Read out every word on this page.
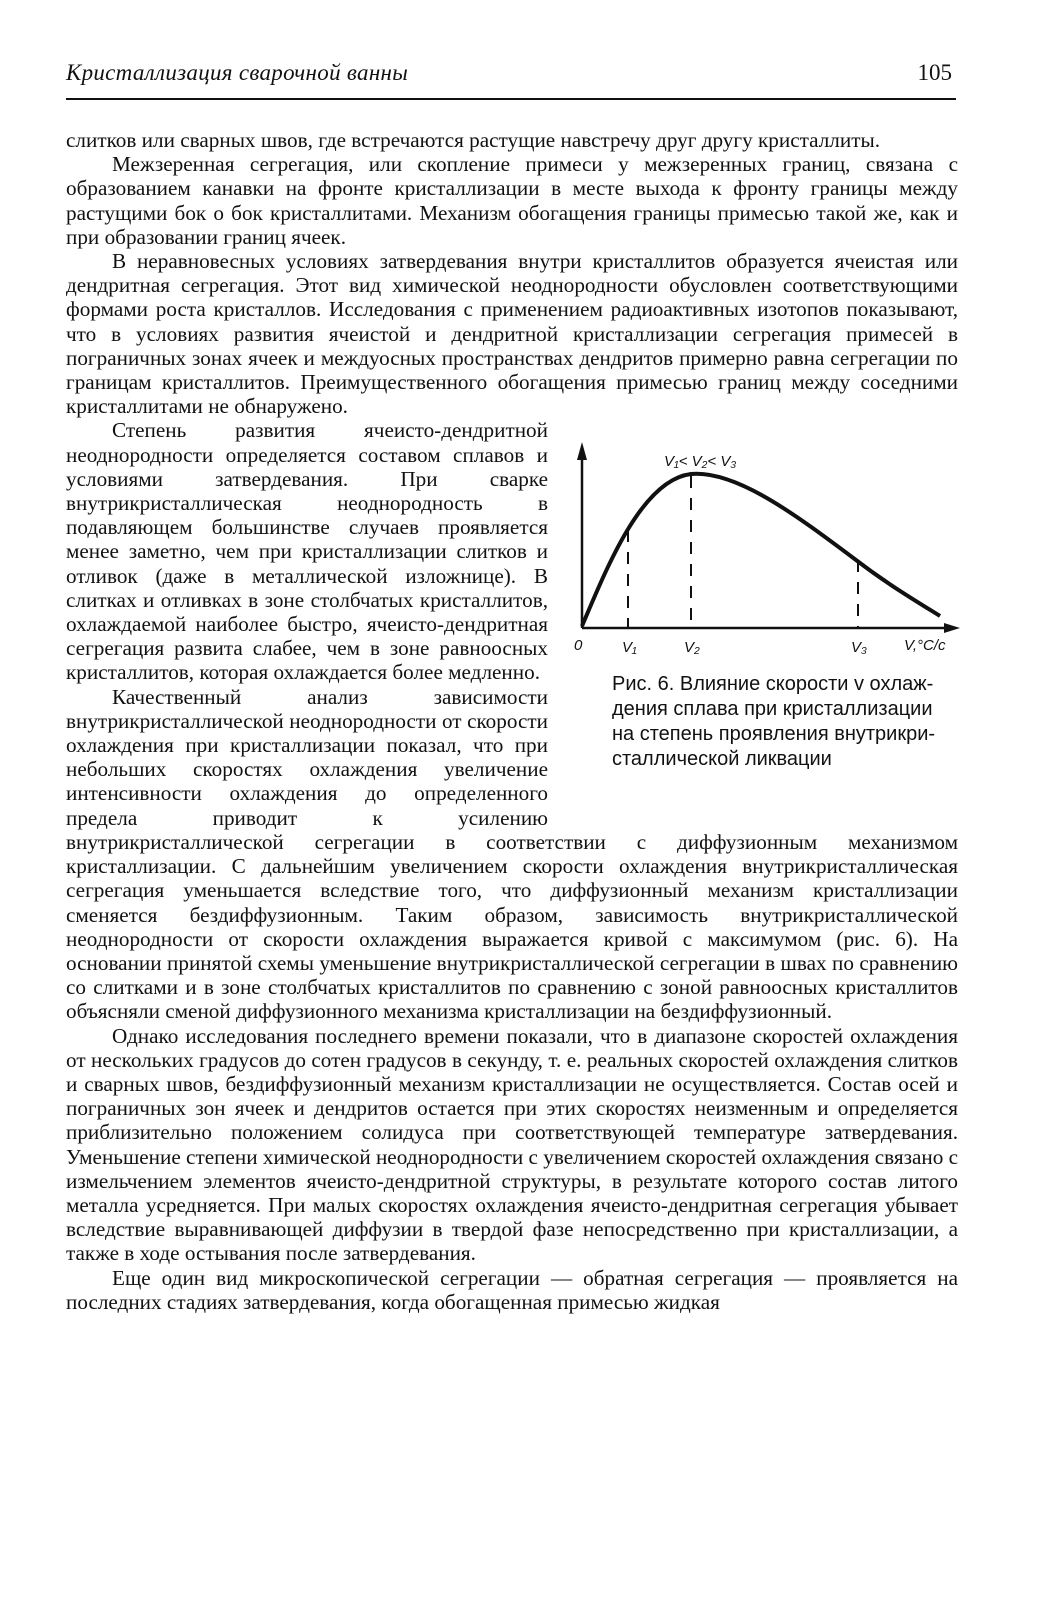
Кристаллизация сварочной ванны	105

слитков или сварных швов, где встречаются растущие навстречу друг другу кристаллиты.

Межзеренная сегрегация, или скопление примеси у межзеренных границ, связана с образованием канавки на фронте кристаллизации в месте выхода к фронту границы между растущими бок о бок кристаллитами. Механизм обогащения границы примесью такой же, как и при образовании границ ячеек.

В неравновесных условиях затвердевания внутри кристаллитов образуется ячеистая или дендритная сегрегация. Этот вид химической неоднородности обусловлен соответствующими формами роста кристаллов. Исследования с применением радиоактивных изотопов показывают, что в условиях развития ячеистой и дендритной кристаллизации сегрегация примесей в пограничных зонах ячеек и междуосных пространствах дендритов примерно равна сегрегации по границам кристаллитов. Преимущественного обогащения примесью границ между соседними кристаллитами не обнаружено.

V₁< V₂< V₃
0	V₁	V₂	V₃ V,°C/c
Рис. 6. Влияние скорости v охлаж-
дения сплава при кристаллизации
на степень проявления внутрикри-
сталлической ликвации
Степень развития ячеисто-дендритной неоднородности определяется составом сплавов и условиями затвердевания. При сварке внутрикристаллическая неоднородность в подавляющем большинстве случаев проявляется менее заметно, чем при кристаллизации слитков и отливок (даже в металлической изложнице). В слитках и отливках в зоне столбчатых кристаллитов, охлаждаемой наиболее быстро, ячеисто-дендритная сегрегация развита слабее, чем в зоне равноосных кристаллитов, которая охлаждается более медленно.

Качественный анализ зависимости внутрикристаллической неоднородности от скорости охлаждения при кристаллизации показал, что при небольших скоростях охлаждения увеличение интенсивности охлаждения до определенного предела приводит к усилению внутрикристаллической сегрегации в соответствии с диффузионным механизмом кристаллизации. С дальнейшим увеличением скорости охлаждения внутрикристаллическая сегрегация уменьшается вследствие того, что диффузионный механизм кристаллизации сменяется бездиффузионным. Таким образом, зависимость внутрикристаллической неоднородности от скорости охлаждения выражается кривой с максимумом (рис. 6). На основании принятой схемы уменьшение внутрикристаллической сегрегации в швах по сравнению со слитками и в зоне столбчатых кристаллитов по сравнению с зоной равноосных кристаллитов объясняли сменой диффузионного механизма кристаллизации на бездиффузионный.

Однако исследования последнего времени показали, что в диапазоне скоростей охлаждения от нескольких градусов до сотен градусов в секунду, т. е. реальных скоростей охлаждения слитков и сварных швов, бездиффузионный механизм кристаллизации не осуществляется. Состав осей и пограничных зон ячеек и дендритов остается при этих скоростях неизменным и определяется приблизительно положением солидуса при соответствующей температуре затвердевания. Уменьшение степени химической неоднородности с увеличением скоростей охлаждения связано с измельчением элементов ячеисто-дендритной структуры, в результате которого состав литого металла усредняется. При малых скоростях охлаждения ячеисто-дендритная сегрегация убывает вследствие выравнивающей диффузии в твердой фазе непосредственно при кристаллизации, а также в ходе остывания после затвердевания.

Еще один вид микроскопической сегрегации — обратная сегрегация — проявляется на последних стадиях затвердевания, когда обогащенная примесью жидкая
